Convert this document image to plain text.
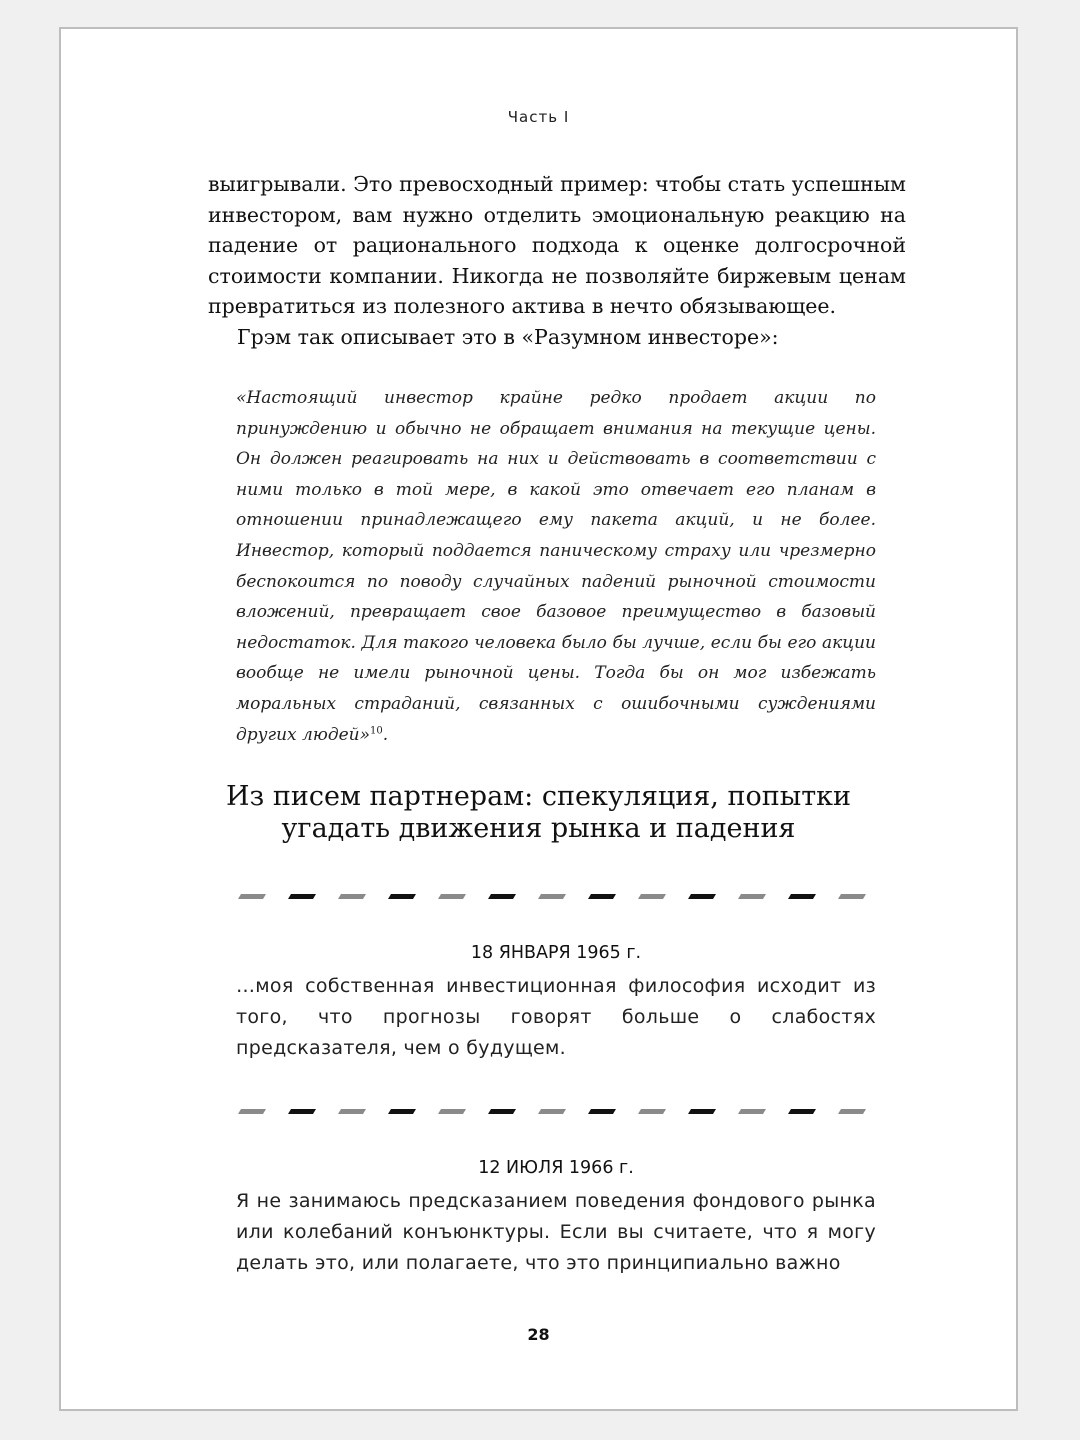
Часть I

выигрывали. Это превосходный пример: чтобы стать успешным инвестором, вам нужно отделить эмоциональную реакцию на падение от рационального подхода к оценке долгосрочной стоимости компании. Никогда не позволяйте биржевым ценам превратиться из полезного актива в нечто обязывающее.

Грэм так описывает это в «Разумном инвесторе»:

«Настоящий инвестор крайне редко продает акции по принуждению и обычно не обращает внимания на текущие цены. Он должен реагировать на них и действовать в соответствии с ними только в той мере, в какой это отвечает его планам в отношении принадлежащего ему пакета акций, и не более. Инвестор, который поддается паническому страху или чрезмерно беспокоится по поводу случайных падений рыночной стоимости вложений, превращает свое базовое преимущество в базовый недостаток. Для такого человека было бы лучше, если бы его акции вообще не имели рыночной цены. Тогда бы он мог избежать моральных страданий, связанных с ошибочными суждениями других людей»$^{10}$.

Из писем партнерам: спекуляция, попытки
угадать движения рынка и падения
18 ЯНВАРЯ 1965 г.

…моя собственная инвестиционная философия исходит из того, что прогнозы говорят больше о слабостях предсказателя, чем о будущем.

12 ИЮЛЯ 1966 г.

Я не занимаюсь предсказанием поведения фондового рынка или колебаний конъюнктуры. Если вы считаете, что я могу делать это, или полагаете, что это принципиально важно

28
